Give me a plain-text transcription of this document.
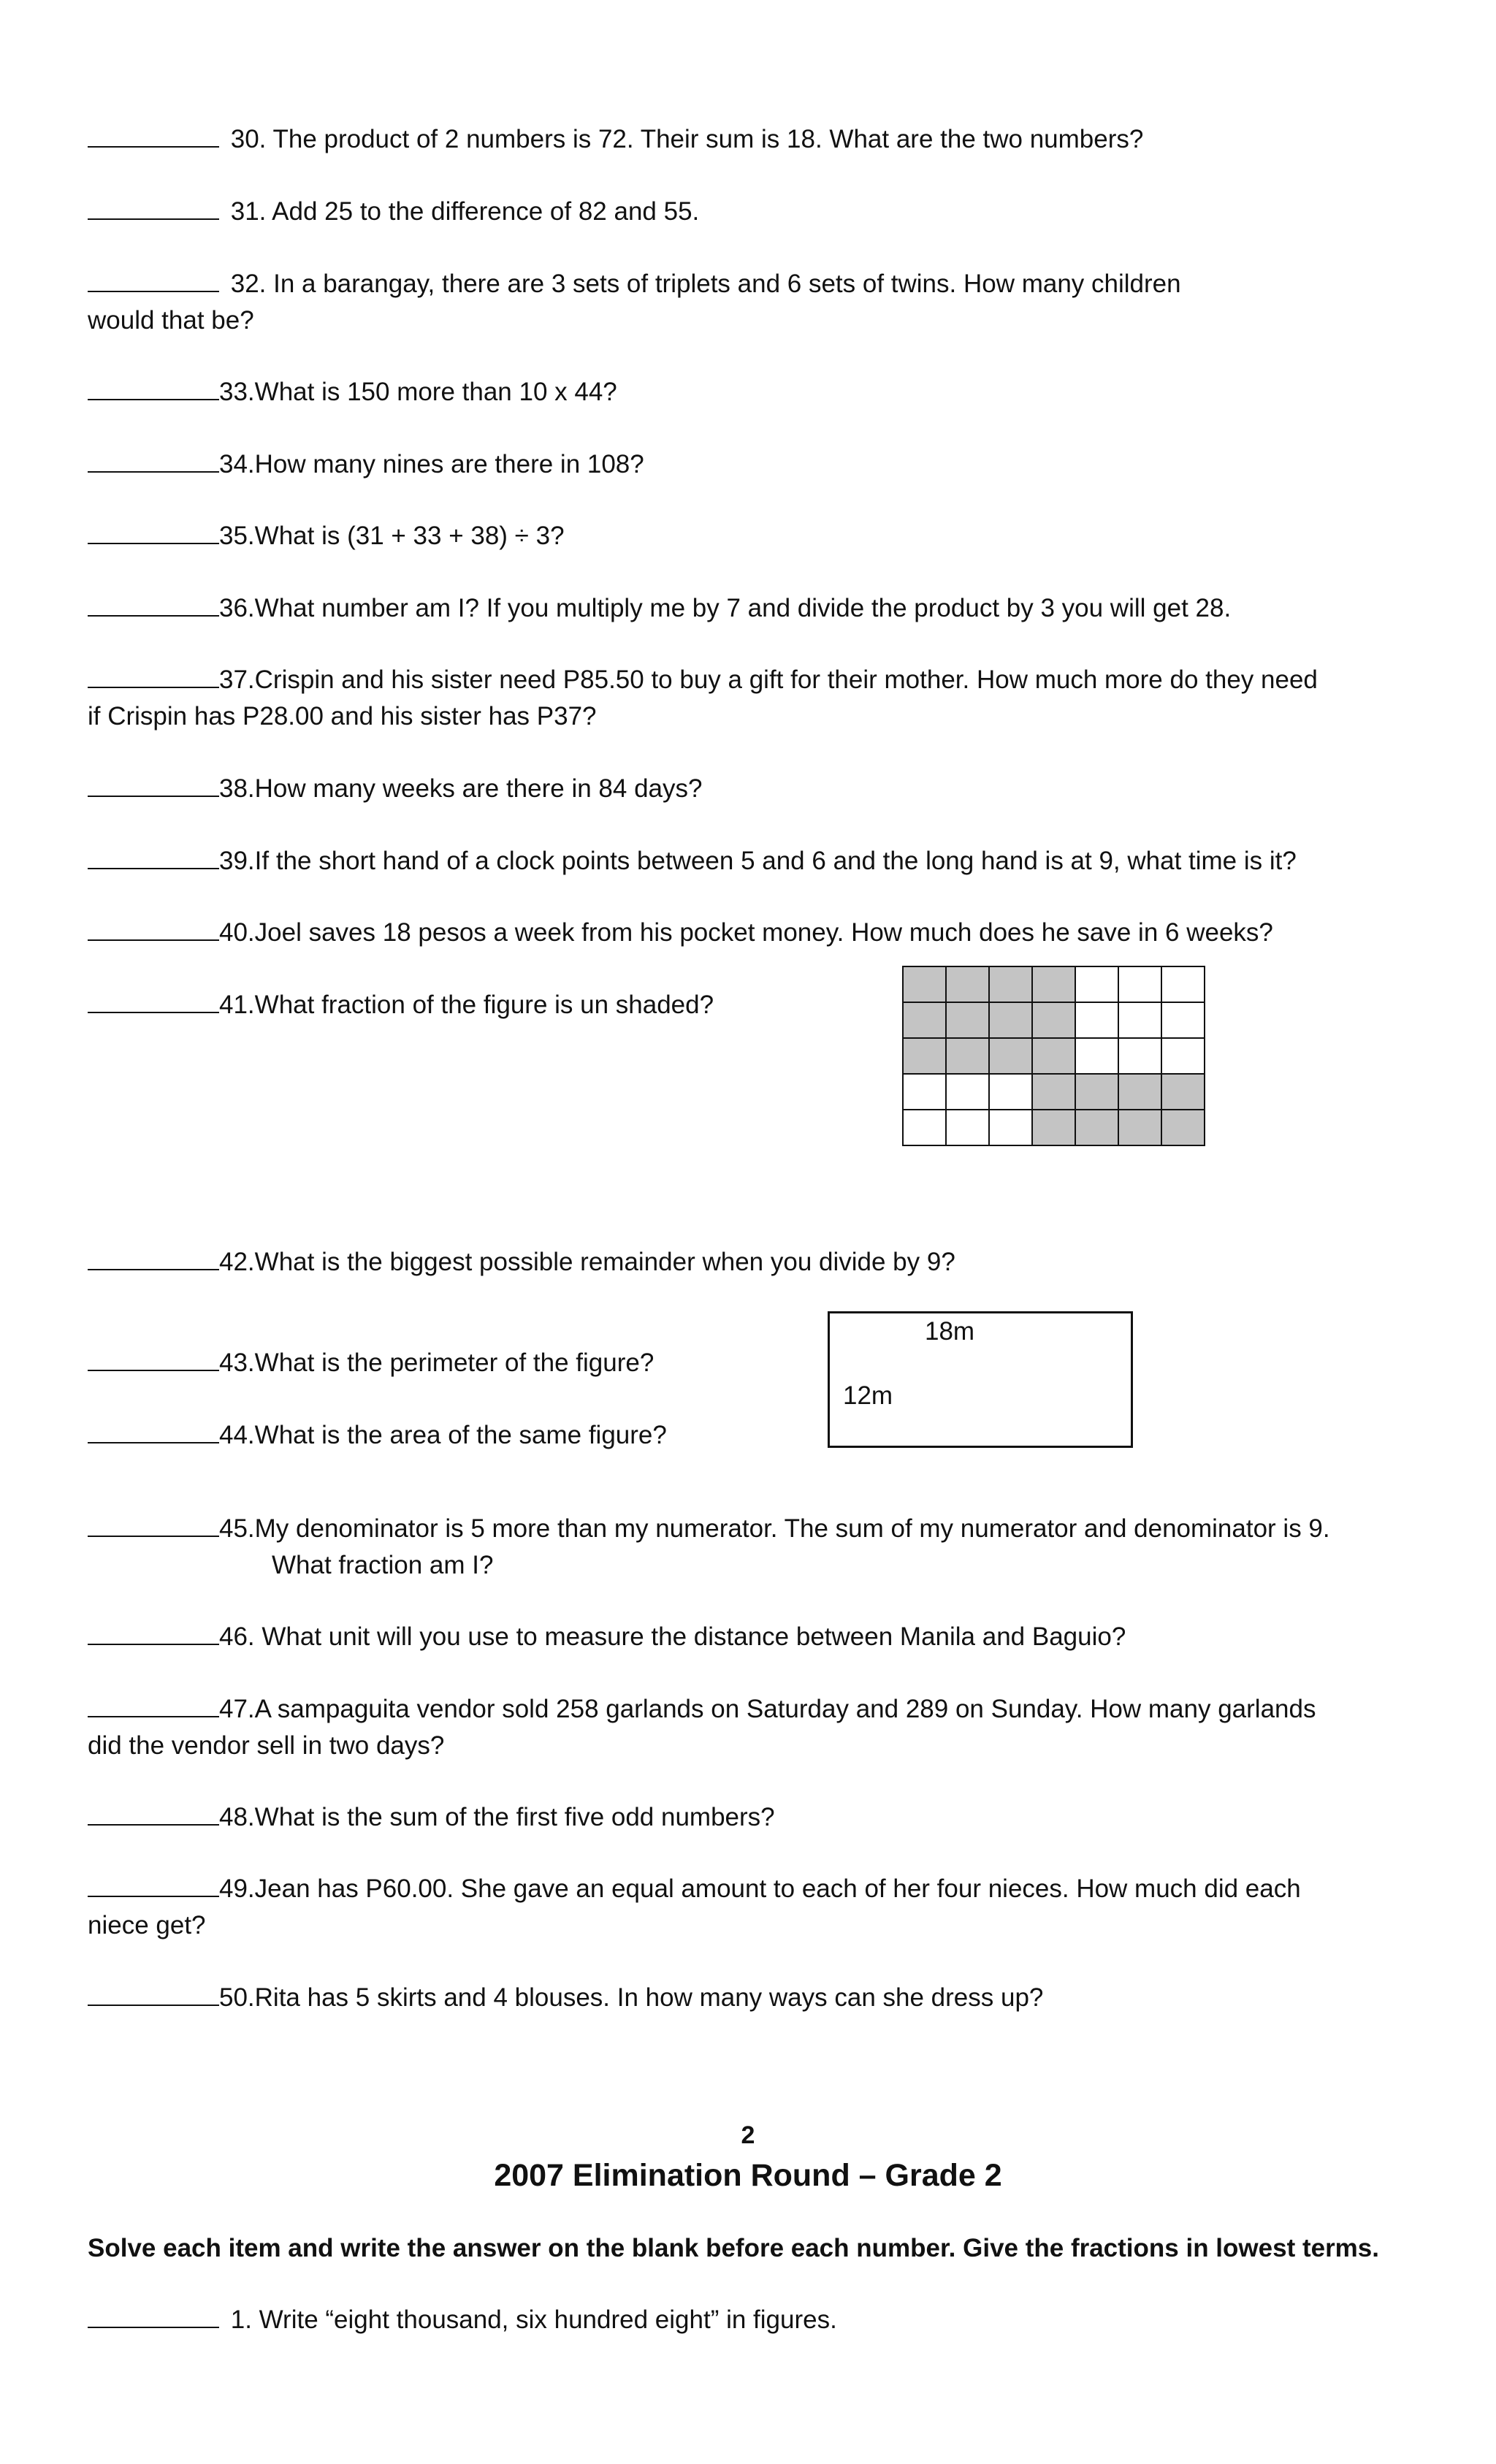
30. The product of 2 numbers is 72. Their sum is 18. What are the two numbers?
31. Add 25 to the difference of 82 and 55.
32. In a barangay, there are 3 sets of triplets and 6 sets of twins. How many children
would that be?
33.What is 150 more than 10 x 44?
34.How many nines are there in 108?
35.What is (31 + 33 + 38) ÷ 3?
36.What number am I? If you multiply me by 7 and divide the product by 3 you will get 28.
37.Crispin and his sister need P85.50 to buy a gift for their mother. How much more do they need
if Crispin has P28.00 and his sister has P37?
38.How many weeks are there in 84 days?
39.If the short hand of a clock points between 5 and 6 and the long hand is at 9, what time is it?
40.Joel saves 18 pesos a week from his pocket money. How much does he save in 6 weeks?
41.What fraction of the figure is un shaded?

42.What is the biggest possible remainder when you divide by 9?
43.What is the perimeter of the figure?
44.What is the area of the same figure?
18m
12m
45.My denominator is 5 more than my numerator. The sum of my numerator and denominator is 9.
What fraction am I?
46. What unit will you use to measure the distance between Manila and Baguio?
47.A sampaguita vendor sold 258 garlands on Saturday and 289 on Sunday. How many garlands
did the vendor sell in two days?
48.What is the sum of the first five odd numbers?
49.Jean has P60.00. She gave an equal amount to each of her four nieces. How much did each
niece get?
50.Rita has 5 skirts and 4 blouses. In how many ways can she dress up?
2
2007 Elimination Round – Grade 2
Solve each item and write the answer on the blank before each number. Give the fractions in lowest terms.
1. Write “eight thousand, six hundred eight” in figures.
